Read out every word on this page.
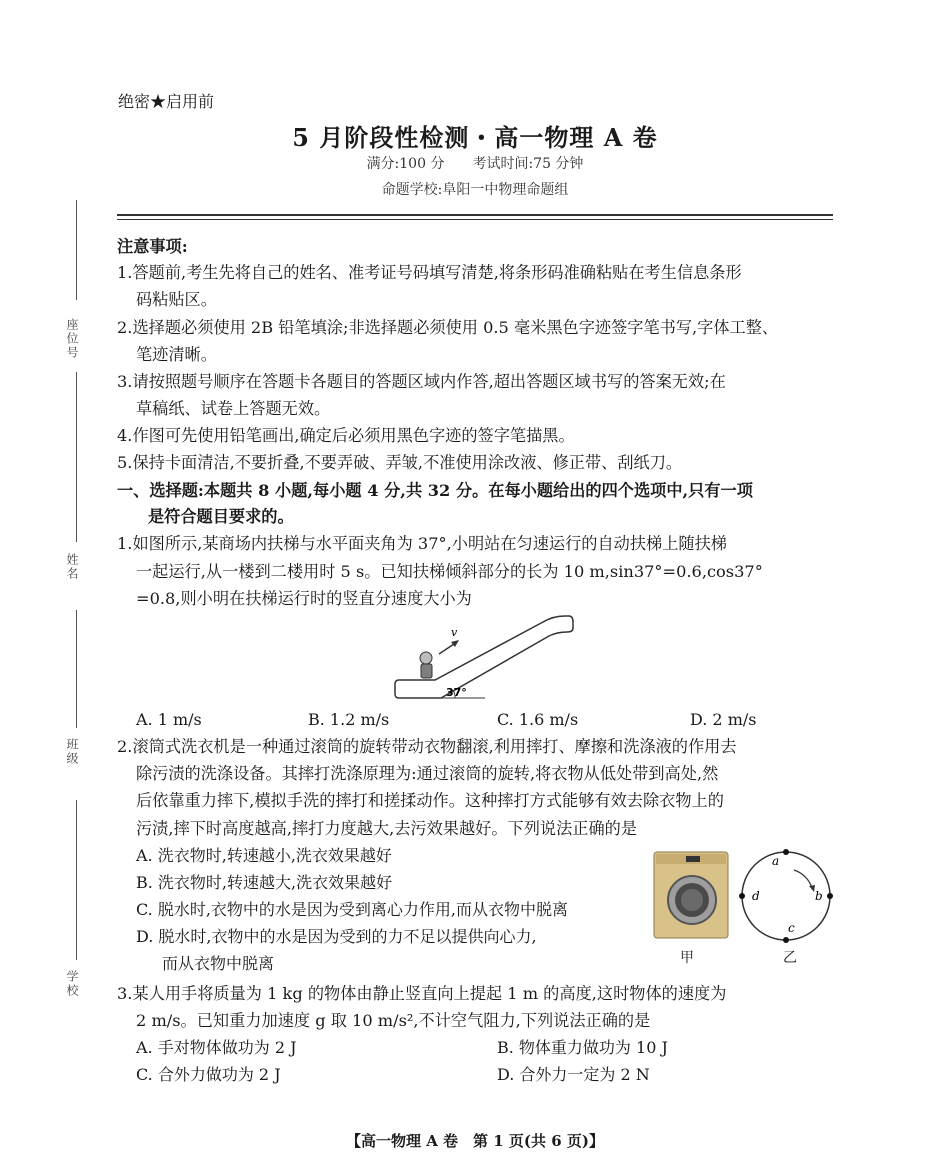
座位号
姓名
班级
学校
绝密★启用前
5 月阶段性检测・高一物理 A 卷
满分:100 分　　考试时间:75 分钟
命题学校:阜阳一中物理命题组
注意事项:
1.答题前,考生先将自己的姓名、准考证号码填写清楚,将条形码准确粘贴在考生信息条形
码粘贴区。
2.选择题必须使用 2B 铅笔填涂;非选择题必须使用 0.5 毫米黑色字迹签字笔书写,字体工整、
笔迹清晰。
3.请按照题号顺序在答题卡各题目的答题区域内作答,超出答题区域书写的答案无效;在
草稿纸、试卷上答题无效。
4.作图可先使用铅笔画出,确定后必须用黑色字迹的签字笔描黑。
5.保持卡面清洁,不要折叠,不要弄破、弄皱,不准使用涂改液、修正带、刮纸刀。
一、选择题:本题共 8 小题,每小题 4 分,共 32 分。在每小题给出的四个选项中,只有一项
是符合题目要求的。
1.如图所示,某商场内扶梯与水平面夹角为 37°,小明站在匀速运行的自动扶梯上随扶梯
一起运行,从一楼到二楼用时 5 s。已知扶梯倾斜部分的长为 10 m,sin37°=0.6,cos37°
=0.8,则小明在扶梯运行时的竖直分速度大小为
v
37°
A. 1 m/s	B. 1.2 m/s	C. 1.6 m/s	D. 2 m/s
2.滚筒式洗衣机是一种通过滚筒的旋转带动衣物翻滚,利用摔打、摩擦和洗涤液的作用去
除污渍的洗涤设备。其摔打洗涤原理为:通过滚筒的旋转,将衣物从低处带到高处,然
后依靠重力摔下,模拟手洗的摔打和搓揉动作。这种摔打方式能够有效去除衣物上的
污渍,摔下时高度越高,摔打力度越大,去污效果越好。下列说法正确的是
A. 洗衣物时,转速越小,洗衣效果越好
B. 洗衣物时,转速越大,洗衣效果越好
C. 脱水时,衣物中的水是因为受到离心力作用,而从衣物中脱离
D. 脱水时,衣物中的水是因为受到的力不足以提供向心力,
而从衣物中脱离	甲
a
b
c
d
乙
3.某人用手将质量为 1 kg 的物体由静止竖直向上提起 1 m 的高度,这时物体的速度为
2 m/s。已知重力加速度 g 取 10 m/s²,不计空气阻力,下列说法正确的是
A. 手对物体做功为 2 J	B. 物体重力做功为 10 J
C. 合外力做功为 2 J	D. 合外力一定为 2 N
【高一物理 A 卷　第 1 页(共 6 页)】
